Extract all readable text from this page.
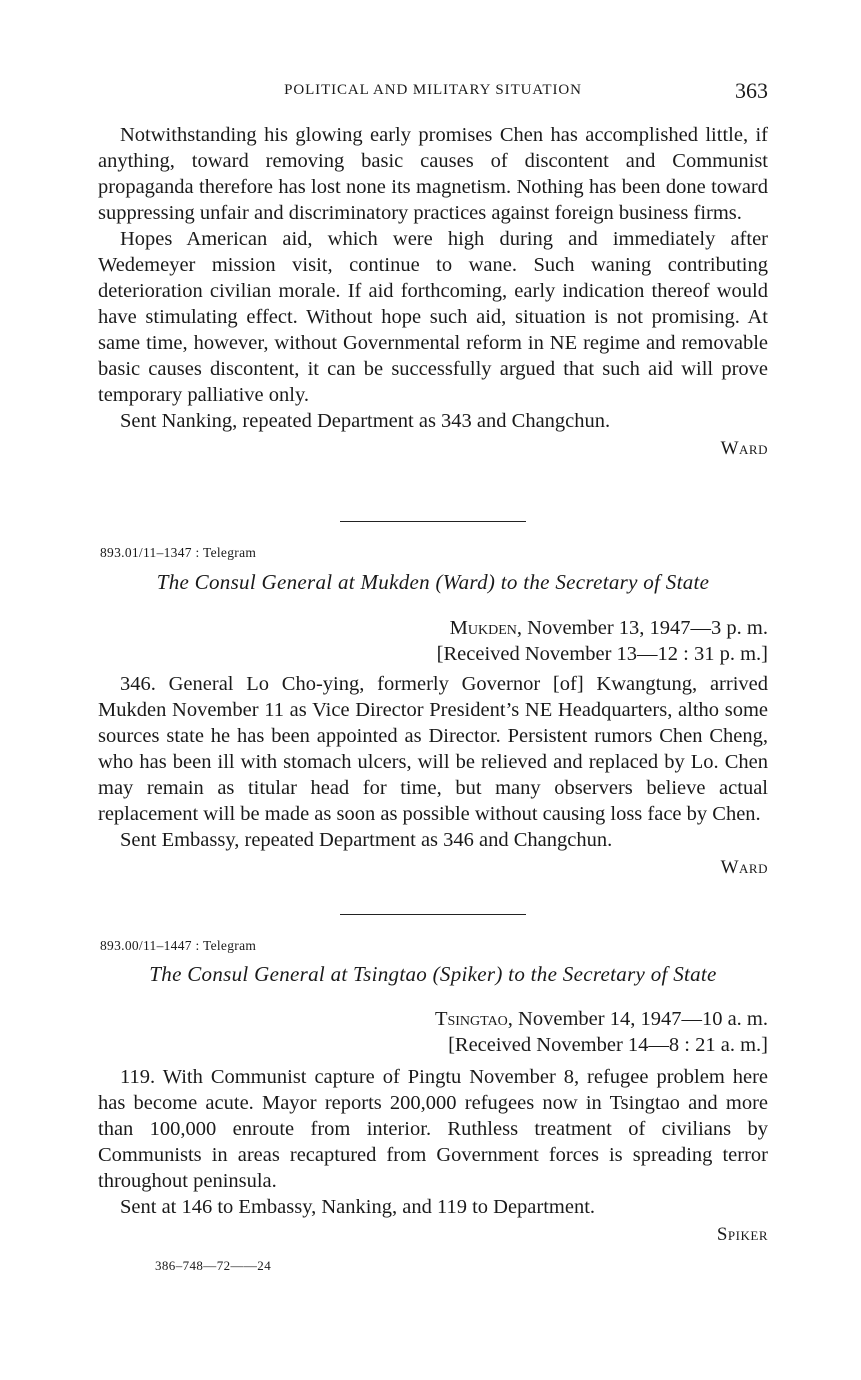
POLITICAL AND MILITARY SITUATION	363

Notwithstanding his glowing early promises Chen has accomplished little, if anything, toward removing basic causes of discontent and Communist propaganda therefore has lost none its magnetism. Nothing has been done toward suppressing unfair and discriminatory practices against foreign business firms.

Hopes American aid, which were high during and immediately after Wedemeyer mission visit, continue to wane. Such waning contributing deterioration civilian morale. If aid forthcoming, early indication thereof would have stimulating effect. Without hope such aid, situation is not promising. At same time, however, without Governmental reform in NE regime and removable basic causes discontent, it can be successfully argued that such aid will prove temporary palliative only.

Sent Nanking, repeated Department as 343 and Changchun.

Ward
893.01/11–1347 : Telegram
The Consul General at Mukden (Ward) to the Secretary of State
Mukden, November 13, 1947—3 p. m.
[Received November 13—12 : 31 p. m.]

346. General Lo Cho-ying, formerly Governor [of] Kwangtung, arrived Mukden November 11 as Vice Director President’s NE Headquarters, altho some sources state he has been appointed as Director. Persistent rumors Chen Cheng, who has been ill with stomach ulcers, will be relieved and replaced by Lo. Chen may remain as titular head for time, but many observers believe actual replacement will be made as soon as possible without causing loss face by Chen.

Sent Embassy, repeated Department as 346 and Changchun.

Ward
893.00/11–1447 : Telegram
The Consul General at Tsingtao (Spiker) to the Secretary of State
Tsingtao, November 14, 1947—10 a. m.
[Received November 14—8 : 21 a. m.]

119. With Communist capture of Pingtu November 8, refugee problem here has become acute. Mayor reports 200,000 refugees now in Tsingtao and more than 100,000 enroute from interior. Ruthless treatment of civilians by Communists in areas recaptured from Government forces is spreading terror throughout peninsula.

Sent at 146 to Embassy, Nanking, and 119 to Department.

Spiker
386–748—72——24
